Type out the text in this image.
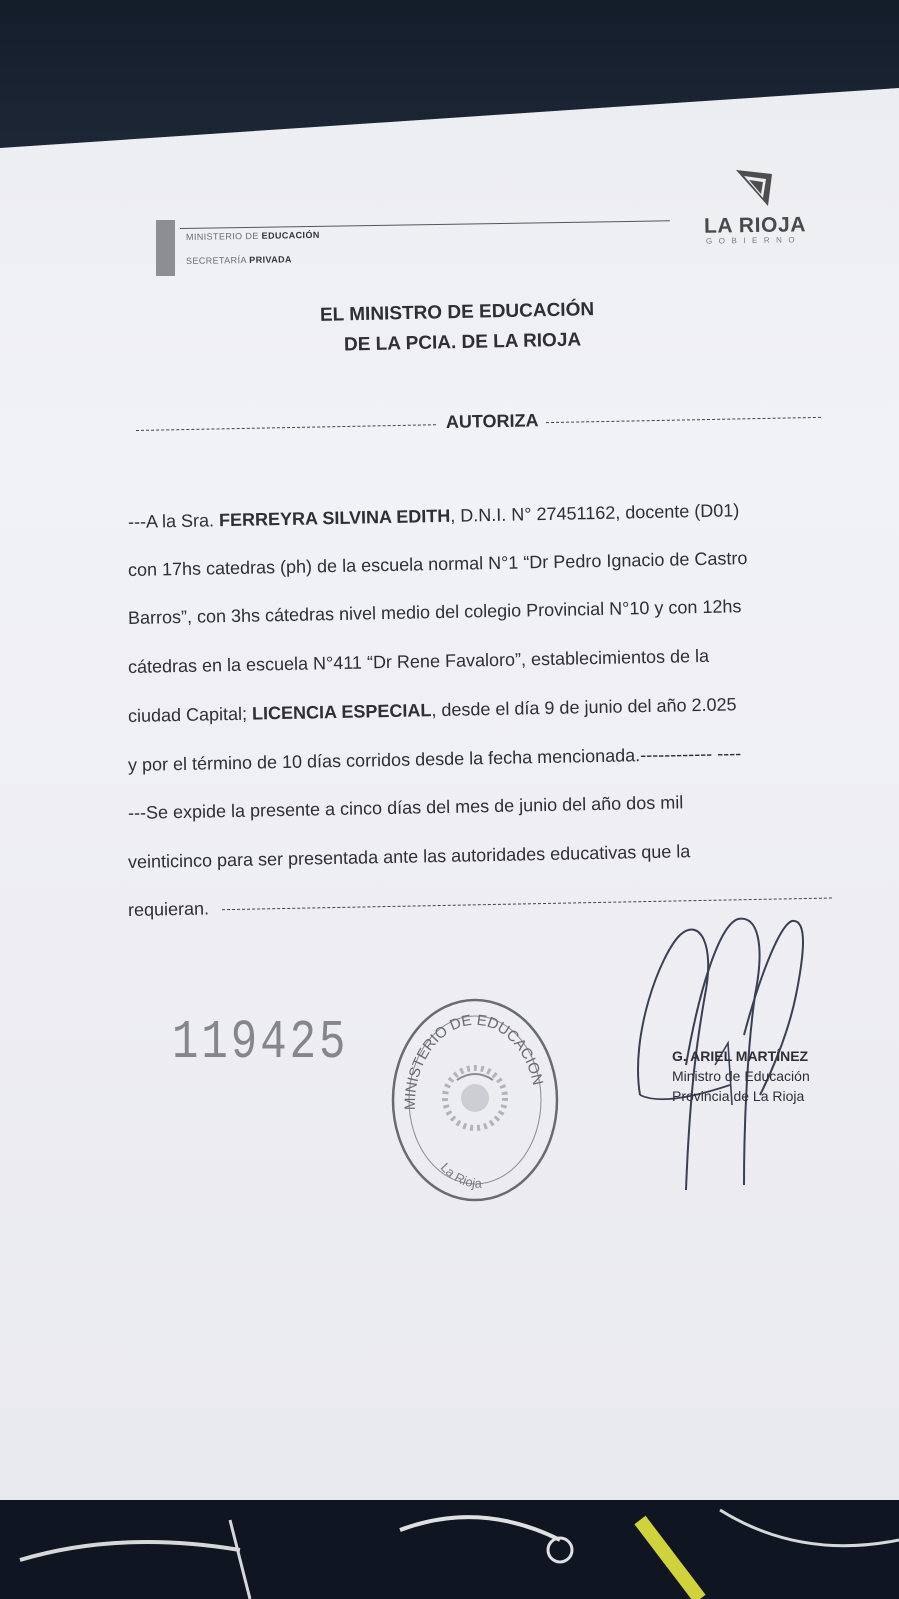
MINISTERIO DE EDUCACIÓN
SECRETARÍA PRIVADA
LA RIOJA
GOBIERNO
EL MINISTRO DE EDUCACIÓN
DE LA PCIA. DE LA RIOJA
AUTORIZA
---A la Sra. FERREYRA SILVINA EDITH, D.N.I. N° 27451162, docente (D01)
con 17hs catedras (ph) de la escuela normal N°1 “Dr Pedro Ignacio de Castro
Barros”, con 3hs cátedras nivel medio del colegio Provincial N°10 y con 12hs
cátedras en la escuela N°411 “Dr Rene Favaloro”, establecimientos de la
ciudad Capital; LICENCIA ESPECIAL, desde el día 9 de junio del año 2.025
y por el término de 10 días corridos desde la fecha mencionada.------------ ----
---Se expide la presente a cinco días del mes de junio del año dos mil
veinticinco para ser presentada ante las autoridades educativas que la
requieran.
119425
MINISTERIO DE EDUCACION
La Rioja
G. ARIEL MARTÍNEZ
Ministro de Educación
Provincia de La Rioja
